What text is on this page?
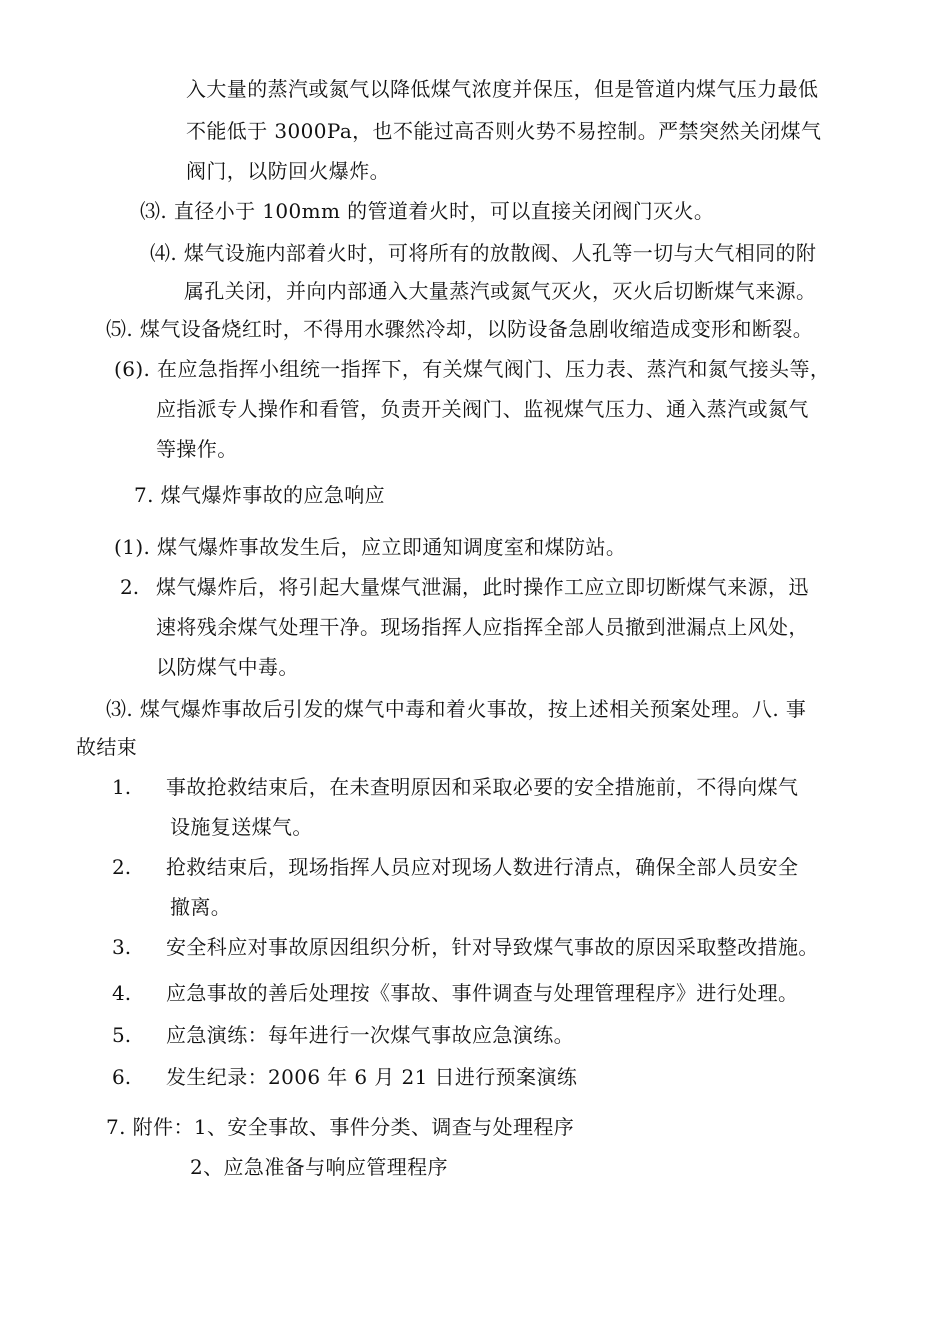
入大量的蒸汽或氮气以降低煤气浓度并保压，但是管道内煤气压力最低
不能低于 3000Pa，也不能过高否则火势不易控制。严禁突然关闭煤气
阀门，以防回火爆炸。
⑶. 直径小于 100mm 的管道着火时，可以直接关闭阀门灭火。
⑷. 煤气设施内部着火时，可将所有的放散阀、人孔等一切与大气相同的附
属孔关闭，并向内部通入大量蒸汽或氮气灭火，灭火后切断煤气来源。
⑸. 煤气设备烧红时，不得用水骤然冷却，以防设备急剧收缩造成变形和断裂。
(6). 在应急指挥小组统一指挥下，有关煤气阀门、压力表、蒸汽和氮气接头等，
应指派专人操作和看管，负责开关阀门、监视煤气压力、通入蒸汽或氮气
等操作。
7. 煤气爆炸事故的应急响应
(1). 煤气爆炸事故发生后，应立即通知调度室和煤防站。
2. 煤气爆炸后，将引起大量煤气泄漏，此时操作工应立即切断煤气来源，迅
速将残余煤气处理干净。现场指挥人应指挥全部人员撤到泄漏点上风处，
以防煤气中毒。
⑶. 煤气爆炸事故后引发的煤气中毒和着火事故，按上述相关预案处理。八. 事
故结束
1. 事故抢救结束后，在未查明原因和采取必要的安全措施前，不得向煤气
设施复送煤气。
2. 抢救结束后，现场指挥人员应对现场人数进行清点，确保全部人员安全
撤离。
3. 安全科应对事故原因组织分析，针对导致煤气事故的原因采取整改措施。
4. 应急事故的善后处理按《事故、事件调查与处理管理程序》进行处理。
5. 应急演练：每年进行一次煤气事故应急演练。
6. 发生纪录：2006 年 6 月 21 日进行预案演练
7. 附件：1、安全事故、事件分类、调查与处理程序
2、应急准备与响应管理程序
